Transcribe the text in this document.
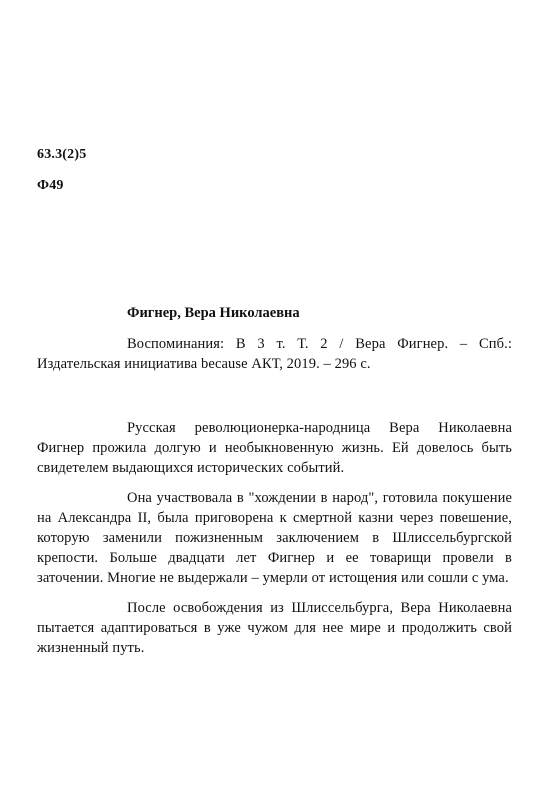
63.3(2)5
Ф49
Фигнер, Вера Николаевна
Воспоминания: В 3 т. Т. 2 / Вера Фигнер. – Спб.: Издательская инициатива because АКТ, 2019. – 296 с.

Русская революционерка-народница Вера Николаевна Фигнер прожила долгую и необыкновенную жизнь. Ей довелось быть свидетелем выдающихся исторических событий.

Она участвовала в "хождении в народ", готовила покушение на Александра II, была приговорена к смертной казни через повешение, которую заменили пожизненным заключением в Шлиссельбургской крепости. Больше двадцати лет Фигнер и ее товарищи провели в заточении. Многие не выдержали – умерли от истощения или сошли с ума.

После освобождения из Шлиссельбурга, Вера Николаевна пытается адаптироваться в уже чужом для нее мире и продолжить свой жизненный путь.
